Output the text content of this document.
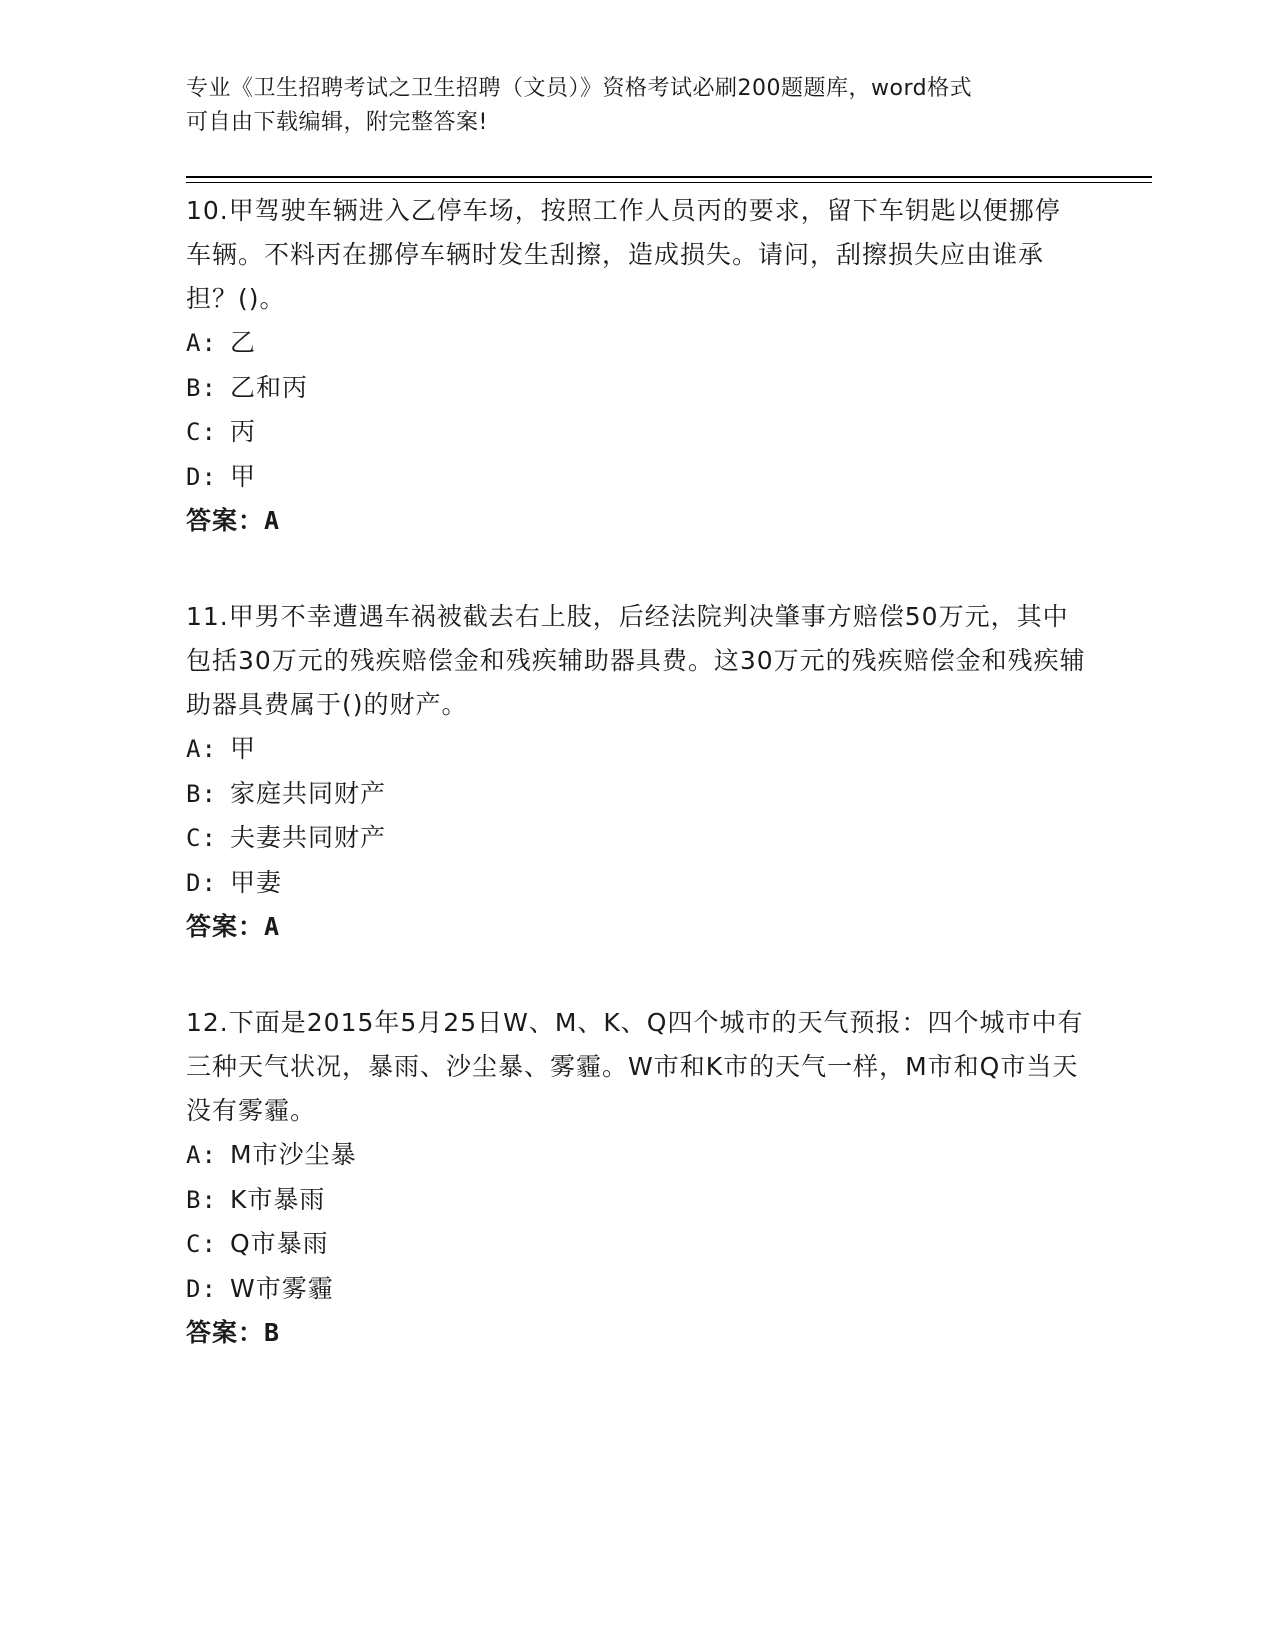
专业《卫生招聘考试之卫生招聘（文员）》资格考试必刷200题题库，word格式
可自由下载编辑，附完整答案!

10.甲驾驶车辆进入乙停车场，按照工作人员丙的要求，留下车钥匙以便挪停车辆。不料丙在挪停车辆时发生刮擦，造成损失。请问，刮擦损失应由谁承担？()。

A: 乙
B: 乙和丙
C: 丙
D: 甲
答案：A

11.甲男不幸遭遇车祸被截去右上肢，后经法院判决肇事方赔偿50万元，其中包括30万元的残疾赔偿金和残疾辅助器具费。这30万元的残疾赔偿金和残疾辅助器具费属于()的财产。

A: 甲
B: 家庭共同财产
C: 夫妻共同财产
D: 甲妻
答案：A

12.下面是2015年5月25日W、M、K、Q四个城市的天气预报：四个城市中有三种天气状况，暴雨、沙尘暴、雾霾。W市和K市的天气一样，M市和Q市当天没有雾霾。

A: M市沙尘暴
B: K市暴雨
C: Q市暴雨
D: W市雾霾
答案：B
